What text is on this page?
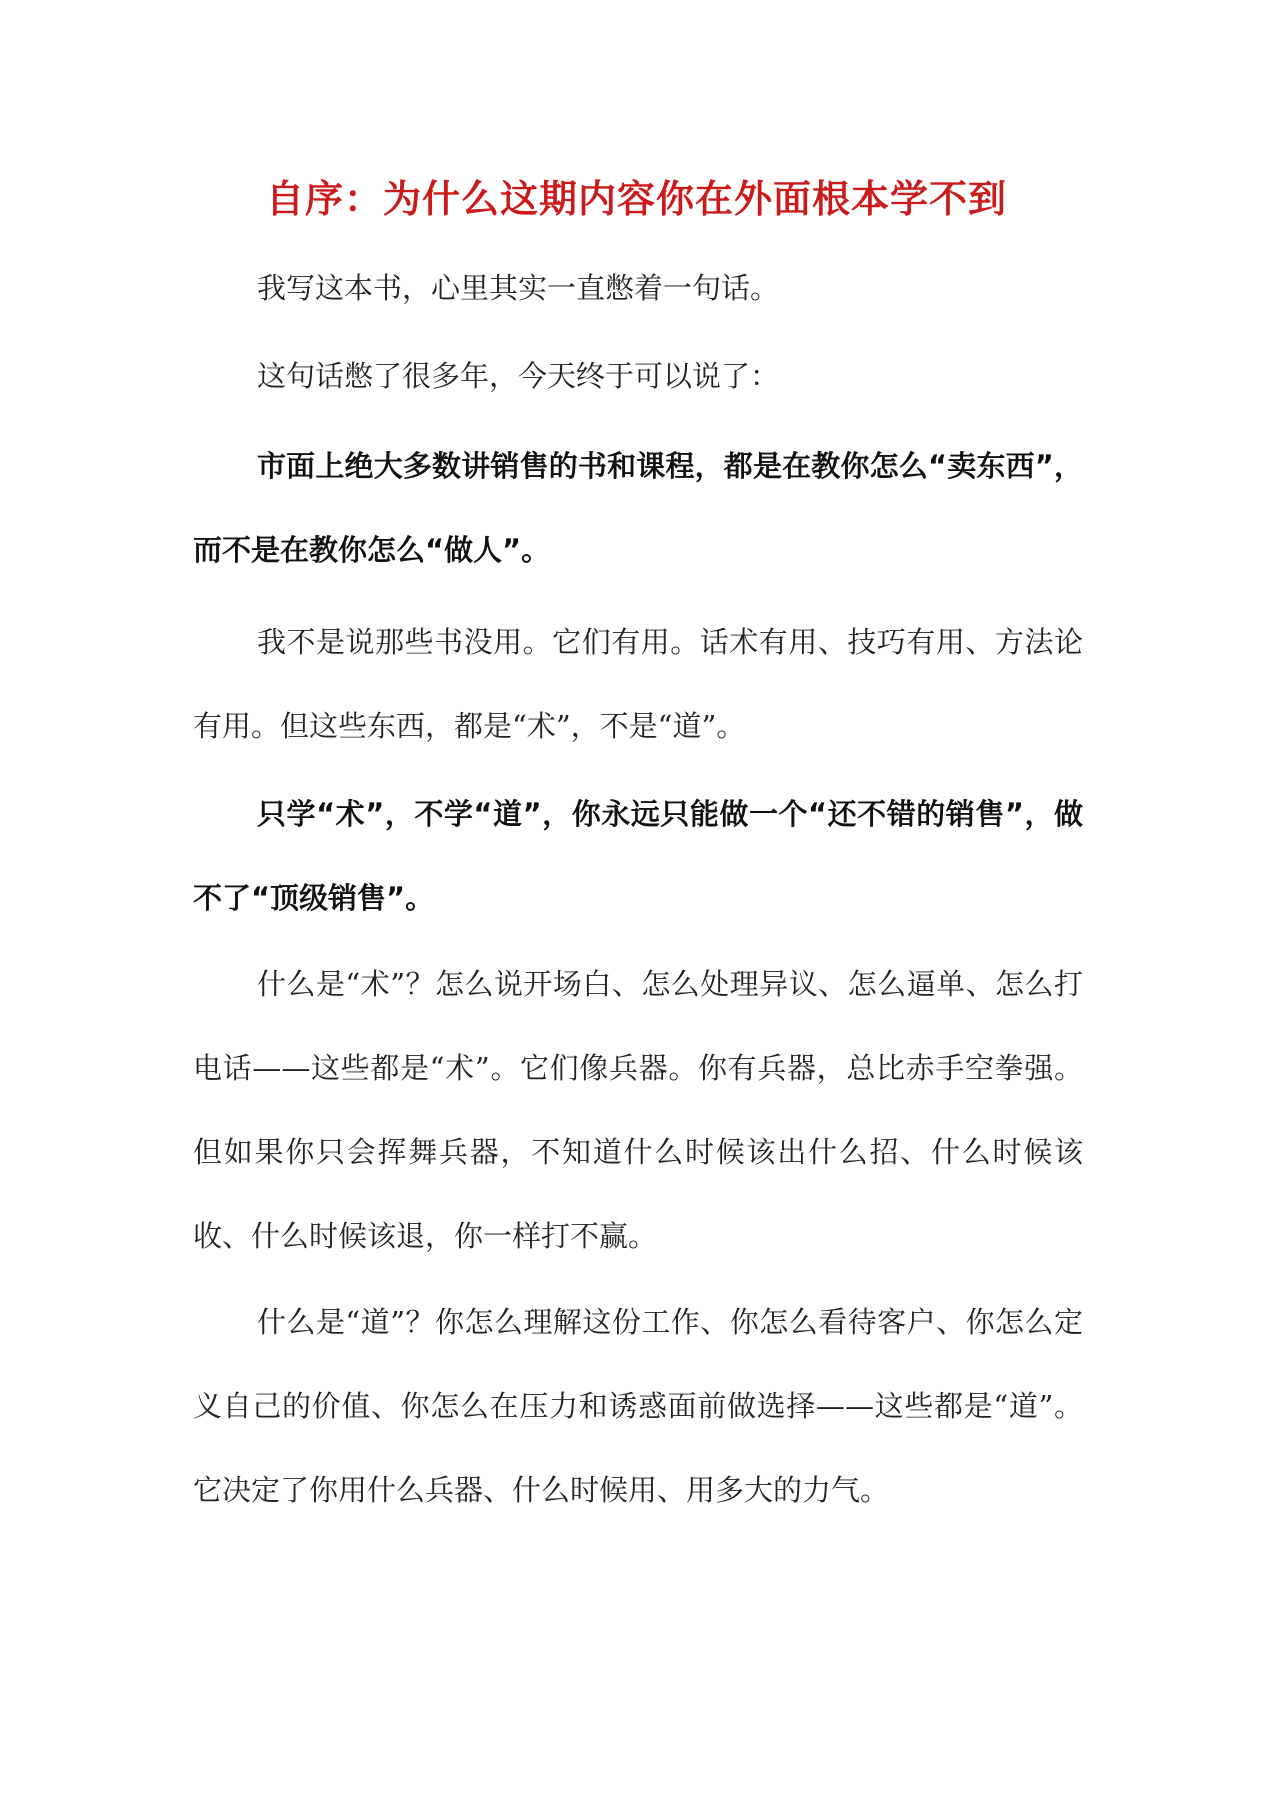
自序：为什么这期内容你在外面根本学不到

我写这本书，心里其实一直憋着一句话。

这句话憋了很多年，今天终于可以说了：

市面上绝大多数讲销售的书和课程，都是在教你怎么“卖东西”，而不是在教你怎么“做人”。

我不是说那些书没用。它们有用。话术有用、技巧有用、方法论有用。但这些东西，都是“术”，不是“道”。

只学“术”，不学“道”，你永远只能做一个“还不错的销售”，做不了“顶级销售”。

什么是“术”？怎么说开场白、怎么处理异议、怎么逼单、怎么打电话——这些都是“术”。它们像兵器。你有兵器，总比赤手空拳强。但如果你只会挥舞兵器，不知道什么时候该出什么招、什么时候该收、什么时候该退，你一样打不赢。

什么是“道”？你怎么理解这份工作、你怎么看待客户、你怎么定义自己的价值、你怎么在压力和诱惑面前做选择——这些都是“道”。它决定了你用什么兵器、什么时候用、用多大的力气。
